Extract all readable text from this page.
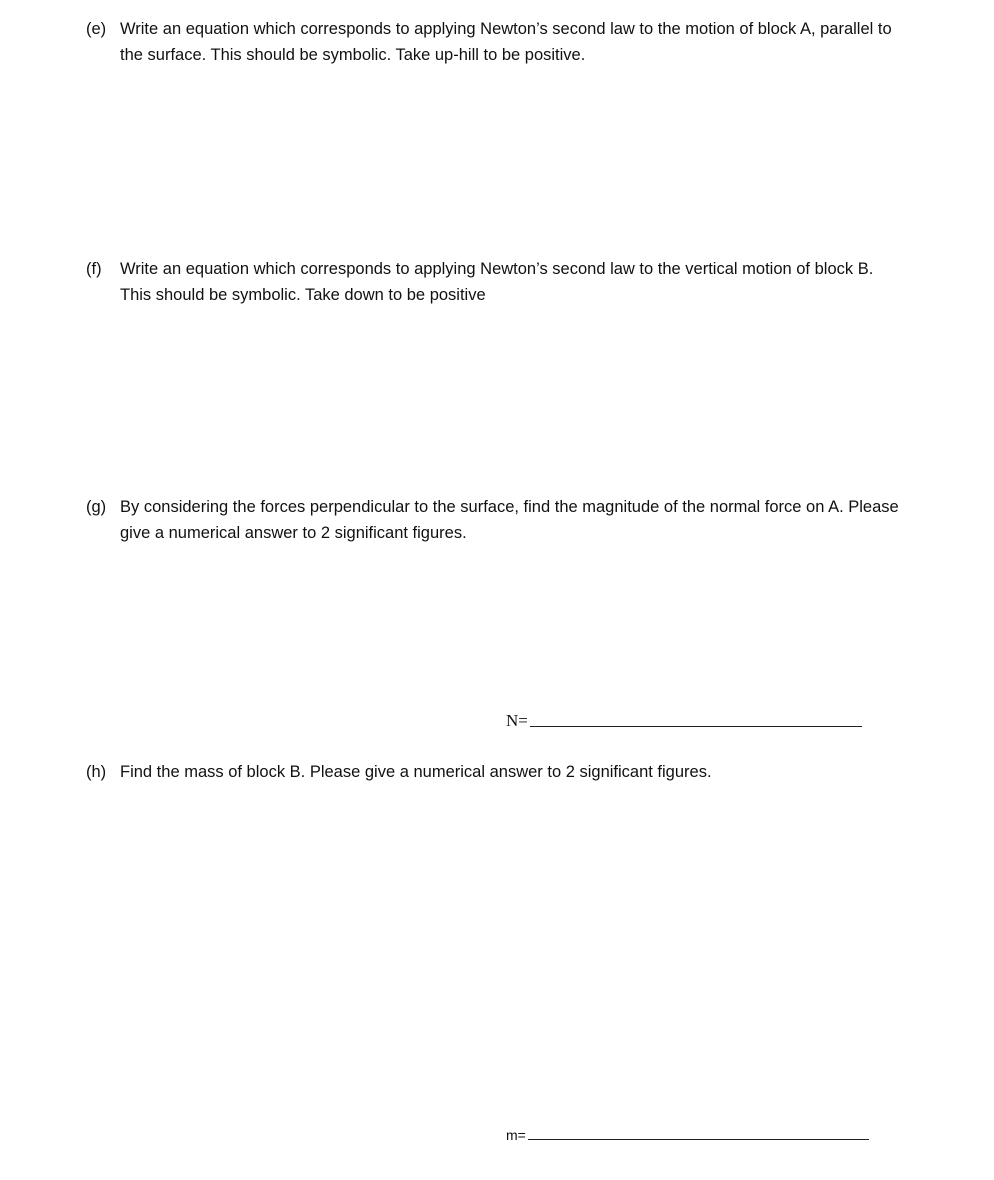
(e) Write an equation which corresponds to applying Newton’s second law to the motion of block A, parallel to the surface. This should be symbolic. Take up-hill to be positive.
(f)	Write an equation which corresponds to applying Newton’s second law to the vertical motion of block B. This should be symbolic. Take down to be positive
(g) By considering the forces perpendicular to the surface, find the magnitude of the normal force on A. Please give a numerical answer to 2 significant figures.
N=
(h) Find the mass of block B. Please give a numerical answer to 2 significant figures.
m=
